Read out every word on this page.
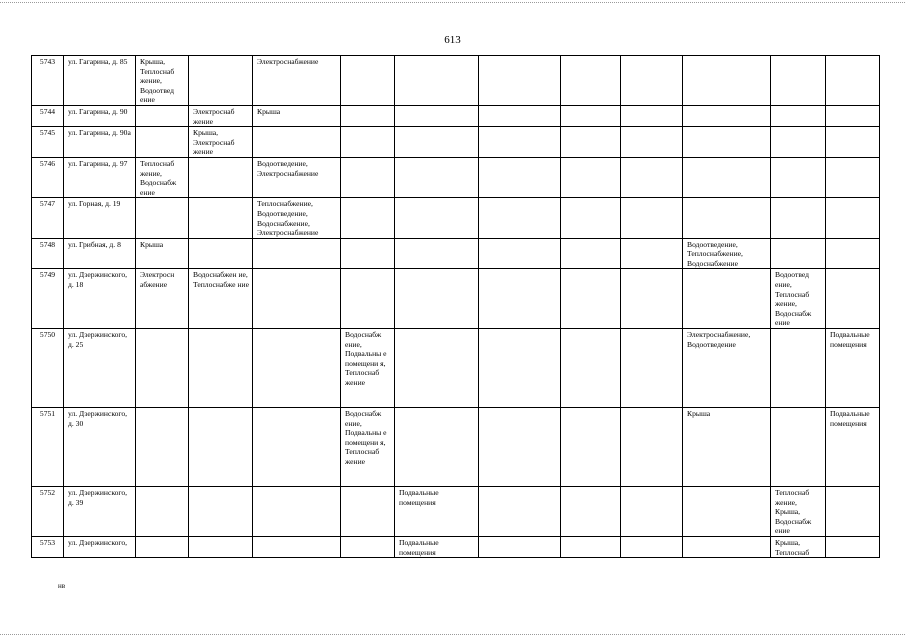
613
5743	ул. Гагарина, д. 85	Крыша, Теплоснаб жение, Водоотвед ение		Электроснабжение								
5744	ул. Гагарина, д. 90		Электроснаб жение	Крыша								
5745	ул. Гагарина, д. 90а		Крыша, Электроснаб жение									
5746	ул. Гагарина, д. 97	Теплоснаб жение, Водоснабж ение		Водоотведение, Электроснабжение								
5747	ул. Горная, д. 19			Теплоснабжение, Водоотведение, Водоснабжение, Электроснабжение								
5748	ул. Грибная, д. 8	Крыша								Водоотведение, Теплоснабжение, Водоснабжение		
5749	ул. Дзержинского, д. 18	Электросн абжение	Водоснабжен ие, Теплоснабже ние								Водоотвед ение, Теплоснаб жение, Водоснабж ение	
5750	ул. Дзержинского, д. 25				Водоснабж ение, Подвальны е помещени я, Теплоснаб жение					Электроснабжение, Водоотведение		Подвальные помещения
5751	ул. Дзержинского, д. 30				Водоснабж ение, Подвальны е помещени я, Теплоснаб жение					Крыша		Подвальные помещения
5752	ул. Дзержинского, д. 39					Подвальные помещения					Теплоснаб жение, Крыша, Водоснабж ение	
5753	ул. Дзержинского,					Подвальные помещения					Крыша, Теплоснаб	
нв
